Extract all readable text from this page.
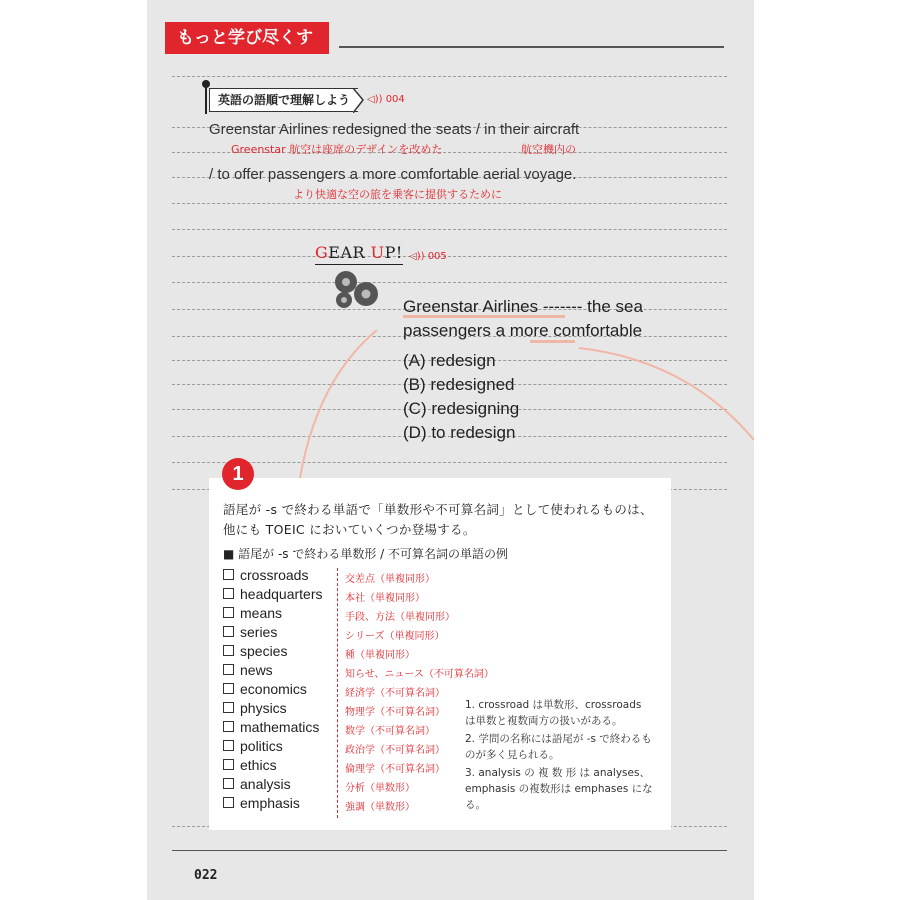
もっと学び尽くす
英語の語順で理解しよう	◁)) 004
Greenstar Airlines redesigned the seats / in their aircraft
Greenstar 航空は座席のデザインを改めた	航空機内の
/ to offer passengers a more comfortable aerial voyage.
より快適な空の旅を乗客に提供するために
GEAR UP! ◁)) 005
Greenstar Airlines ------- the sea
passengers a more comfortable
(A) redesign
(B) redesigned
(C) redesigning
(D) to redesign
1
語尾が -s で終わる単語で「単数形や不可算名詞」として使われるものは、
他にも TOEIC においていくつか登場する。
■ 語尾が -s で終わる単数形 / 不可算名詞の単語の例
crossroads	交差点（単複同形）
headquarters 本社（単複同形）
means	手段、方法（単複同形）
series	シリーズ（単複同形）
species	種（単複同形）
news	知らせ、ニュース（不可算名詞）
economics	経済学（不可算名詞）
physics	物理学（不可算名詞）
mathematics	数学（不可算名詞）
politics	政治学（不可算名詞）
ethics	倫理学（不可算名詞）
analysis	分析（単数形）
emphasis	強調（単数形）
1. crossroad は単数形、crossroads は単数と複数両方の扱いがある。
2. 学問の名称には語尾が -s で終わるものが多く見られる。
3. analysis の 複 数 形 は analyses、emphasis の複数形は emphases になる。
022
